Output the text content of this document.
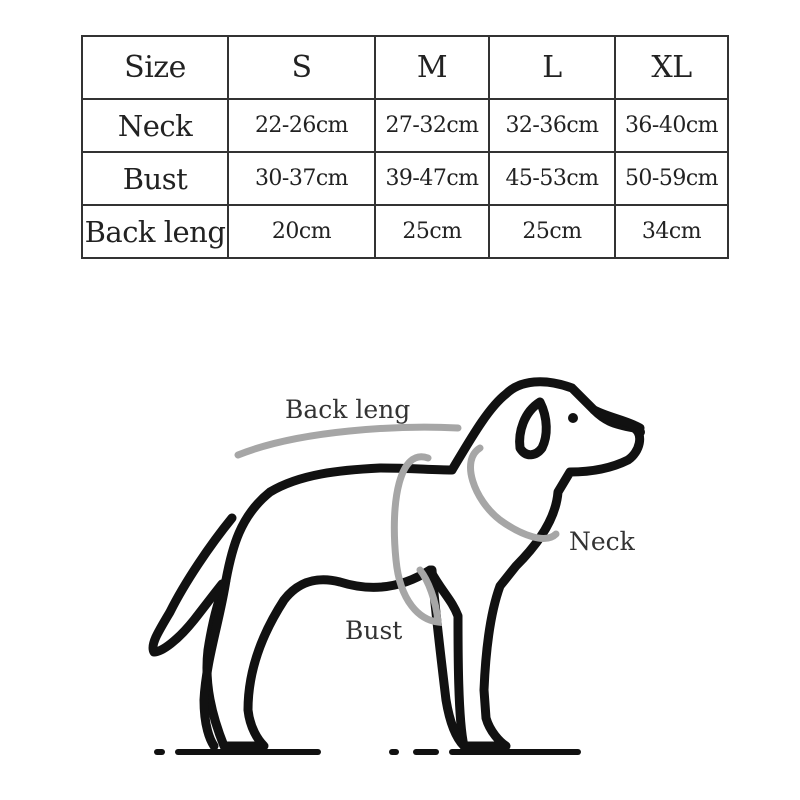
Size	S	M	L	XL
Neck	22-26cm	27-32cm	32-36cm	36-40cm
Bust	30-37cm	39-47cm	45-53cm	50-59cm
Back leng	20cm	25cm	25cm	34cm
Back leng
Neck
Bust
